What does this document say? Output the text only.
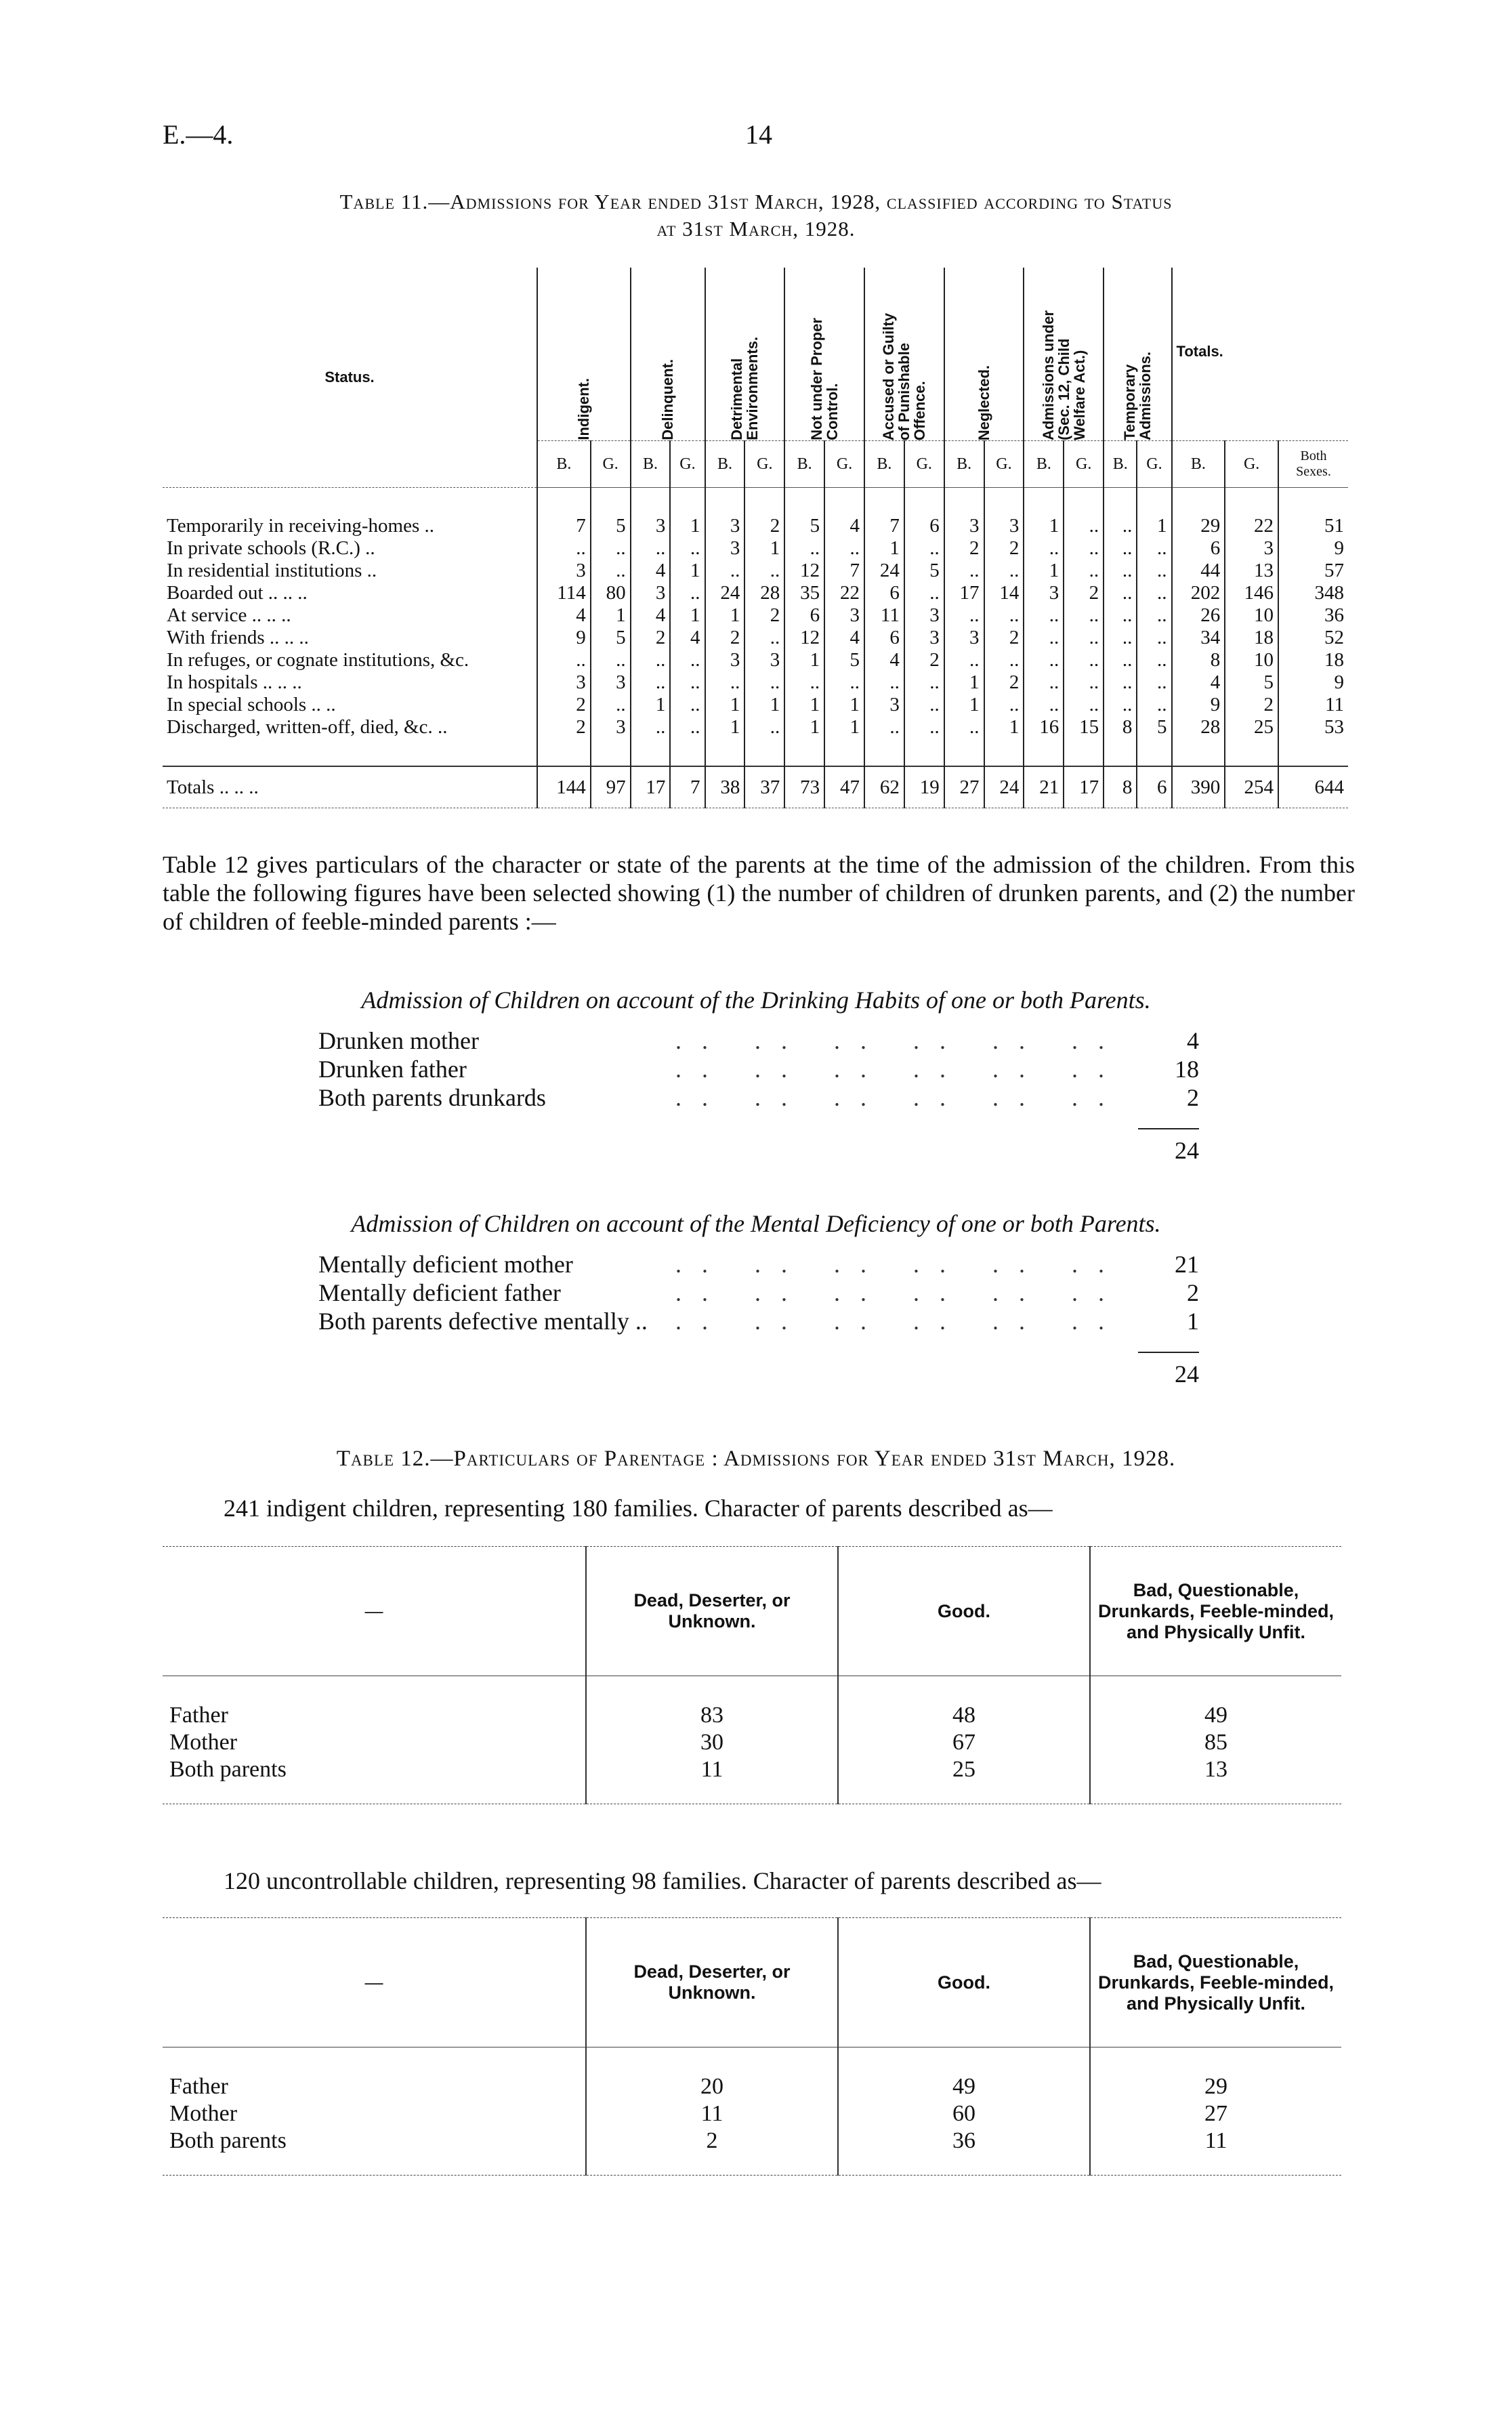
E.—4.	14
Table 11.—Admissions for Year ended 31st March, 1928, classified according to Status
at 31st March, 1928.
Status.	Indigent.		Delinquent.		Detrimental
Environments.		Not under Proper
Control.		Accused or Guilty
of Punishable
Offence.		Neglected.		Admissions under
(Sec. 12, Child
Welfare Act.)		Temporary
Admissions.		Totals.		

	B.	G.	B.	G.	B.	G.	B.	G.	B.	G.	B.	G.	B.	G.	B.	G.	B.	G.	Both Sexes.

Temporarily in receiving-homes ..	7	5	3	1	3	2	5	4	7	6	3	3	1	..	..	1	29	22	51
In private schools (R.C.) ..	..	..	..	..	3	1	..	..	1	..	2	2	..	..	..	..	6	3	9
In residential institutions ..	3	..	4	1	..	..	12	7	24	5	..	..	1	..	..	..	44	13	57
Boarded out .. .. ..	114	80	3	..	24	28	35	22	6	..	17	14	3	2	..	..	202	146	348
At service .. .. ..	4	1	4	1	1	2	6	3	11	3	..	..	..	..	..	..	26	10	36
With friends .. .. ..	9	5	2	4	2	..	12	4	6	3	3	2	..	..	..	..	34	18	52
In refuges, or cognate institutions, &c.	..	..	..	..	3	3	1	5	4	2	..	..	..	..	..	..	8	10	18
In hospitals .. .. ..	3	3	..	..	..	..	..	..	..	..	1	2	..	..	..	..	4	5	9
In special schools .. ..	2	..	1	..	1	1	1	1	3	..	1	..	..	..	..	..	9	2	11
Discharged, written-off, died, &c. ..	2	3	..	..	1	..	1	1	..	..	..	1	16	15	8	5	28	25	53

Totals .. .. ..	144	97	17	7	38	37	73	47	62	19	27	24	21	17	8	6	390	254	644
Table 12 gives particulars of the character or state of the parents at the time of the admission of the children. From this table the following figures have been selected showing (1) the number of children of drunken parents, and (2) the number of children of feeble-minded parents :—
Admission of Children on account of the Drinking Habits of one or both Parents.
Drunken mother	.. .. .. .. .. ..	4
Drunken father	.. .. .. .. .. ..	18
Both parents drunkards	.. .. .. .. .. ..	2
24
Admission of Children on account of the Mental Deficiency of one or both Parents.
Mentally deficient mother	.. .. .. .. .. ..	21
Mentally deficient father	.. .. .. .. .. ..	2
Both parents defective mentally ..	.. .. .. .. .. ..	1
24
Table 12.—Particulars of Parentage : Admissions for Year ended 31st March, 1928.
241 indigent children, representing 180 families. Character of parents described as—
—	Dead, Deserter, or Unknown.	Good.	Bad, Questionable, Drunkards, Feeble-minded, and Physically Unfit.

Father	83	48	49
Mother	30	67	85
Both parents	11	25	13

120 uncontrollable children, representing 98 families. Character of parents described as—
—	Dead, Deserter, or Unknown.	Good.	Bad, Questionable, Drunkards, Feeble-minded, and Physically Unfit.

Father	20	49	29
Mother	11	60	27
Both parents	2	36	11
